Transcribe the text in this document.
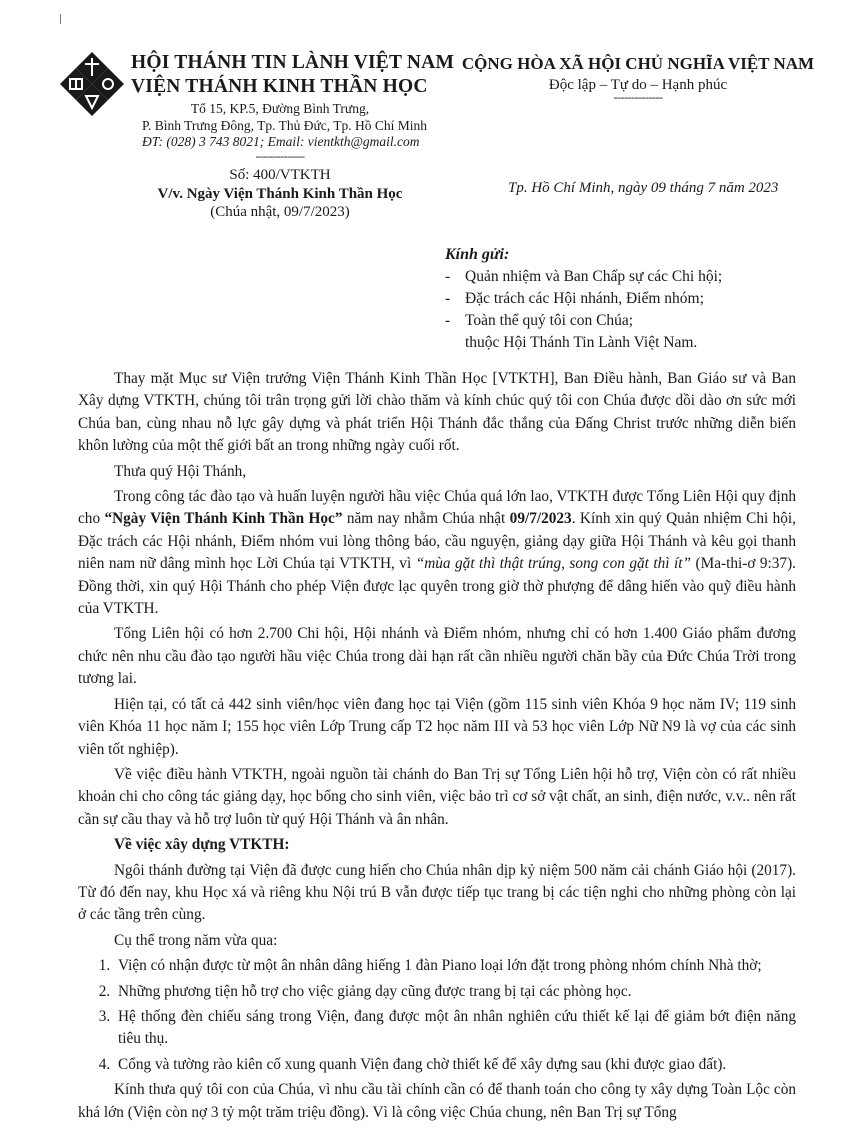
HỘI THÁNH TIN LÀNH VIỆT NAM
VIỆN THÁNH KINH THẦN HỌC
Tổ 15, KP.5, Đường Bình Trưng,
P. Bình Trưng Đông, Tp. Thủ Đức, Tp. Hồ Chí Minh
ĐT: (028) 3 743 8021; Email: vientkth@gmail.com
--------------
CỘNG HÒA XÃ HỘI CHỦ NGHĨA VIỆT NAM
Độc lập – Tự do – Hạnh phúc
--------------
Số: 400/VTKTH
V/v. Ngày Viện Thánh Kinh Thần Học
(Chúa nhật, 09/7/2023)
Tp. Hồ Chí Minh, ngày 09 tháng 7 năm 2023
Kính gửi:
- Quản nhiệm và Ban Chấp sự các Chi hội;
- Đặc trách các Hội nhánh, Điểm nhóm;
- Toàn thể quý tôi con Chúa;
thuộc Hội Thánh Tin Lành Việt Nam.

Thay mặt Mục sư Viện trưởng Viện Thánh Kinh Thần Học [VTKTH], Ban Điều hành, Ban Giáo sư và Ban Xây dựng VTKTH, chúng tôi trân trọng gửi lời chào thăm và kính chúc quý tôi con Chúa được dồi dào ơn sức mới Chúa ban, cùng nhau nỗ lực gây dựng và phát triển Hội Thánh đắc thắng của Đấng Christ trước những diễn biến khôn lường của một thế giới bất an trong những ngày cuối rốt.

Thưa quý Hội Thánh,

Trong công tác đào tạo và huấn luyện người hầu việc Chúa quá lớn lao, VTKTH được Tổng Liên Hội quy định cho “Ngày Viện Thánh Kinh Thần Học” năm nay nhằm Chúa nhật 09/7/2023. Kính xin quý Quản nhiệm Chi hội, Đặc trách các Hội nhánh, Điểm nhóm vui lòng thông báo, cầu nguyện, giảng dạy giữa Hội Thánh và kêu gọi thanh niên nam nữ dâng mình học Lời Chúa tại VTKTH, vì “mùa gặt thì thật trúng, song con gặt thì ít” (Ma-thi-ơ 9:37). Đồng thời, xin quý Hội Thánh cho phép Viện được lạc quyên trong giờ thờ phượng để dâng hiến vào quỹ điều hành của VTKTH.

Tổng Liên hội có hơn 2.700 Chi hội, Hội nhánh và Điểm nhóm, nhưng chỉ có hơn 1.400 Giáo phẩm đương chức nên nhu cầu đào tạo người hầu việc Chúa trong dài hạn rất cần nhiều người chăn bầy của Đức Chúa Trời trong tương lai.

Hiện tại, có tất cả 442 sinh viên/học viên đang học tại Viện (gồm 115 sinh viên Khóa 9 học năm IV; 119 sinh viên Khóa 11 học năm I; 155 học viên Lớp Trung cấp T2 học năm III và 53 học viên Lớp Nữ N9 là vợ của các sinh viên tốt nghiệp).

Về việc điều hành VTKTH, ngoài nguồn tài chánh do Ban Trị sự Tổng Liên hội hỗ trợ, Viện còn có rất nhiều khoản chi cho công tác giảng dạy, học bổng cho sinh viên, việc bảo trì cơ sở vật chất, an sinh, điện nước, v.v.. nên rất cần sự cầu thay và hỗ trợ luôn từ quý Hội Thánh và ân nhân.

Về việc xây dựng VTKTH:

Ngôi thánh đường tại Viện đã được cung hiến cho Chúa nhân dịp kỷ niệm 500 năm cải chánh Giáo hội (2017). Từ đó đến nay, khu Học xá và riêng khu Nội trú B vẫn được tiếp tục trang bị các tiện nghi cho những phòng còn lại ở các tầng trên cùng.

Cụ thể trong năm vừa qua:

1. Viện có nhận được từ một ân nhân dâng hiếng 1 đàn Piano loại lớn đặt trong phòng nhóm chính Nhà thờ;
2. Những phương tiện hỗ trợ cho việc giảng dạy cũng được trang bị tại các phòng học.
3. Hệ thống đèn chiếu sáng trong Viện, đang được một ân nhân nghiên cứu thiết kế lại để giảm bớt điện năng tiêu thụ.
4. Cổng và tường rào kiên cố xung quanh Viện đang chờ thiết kế để xây dựng sau (khi được giao đất).

Kính thưa quý tôi con của Chúa, vì nhu cầu tài chính cần có để thanh toán cho công ty xây dựng Toàn Lộc còn khá lớn (Viện còn nợ 3 tỷ một trăm triệu đồng). Vì là công việc Chúa chung, nên Ban Trị sự Tổng
